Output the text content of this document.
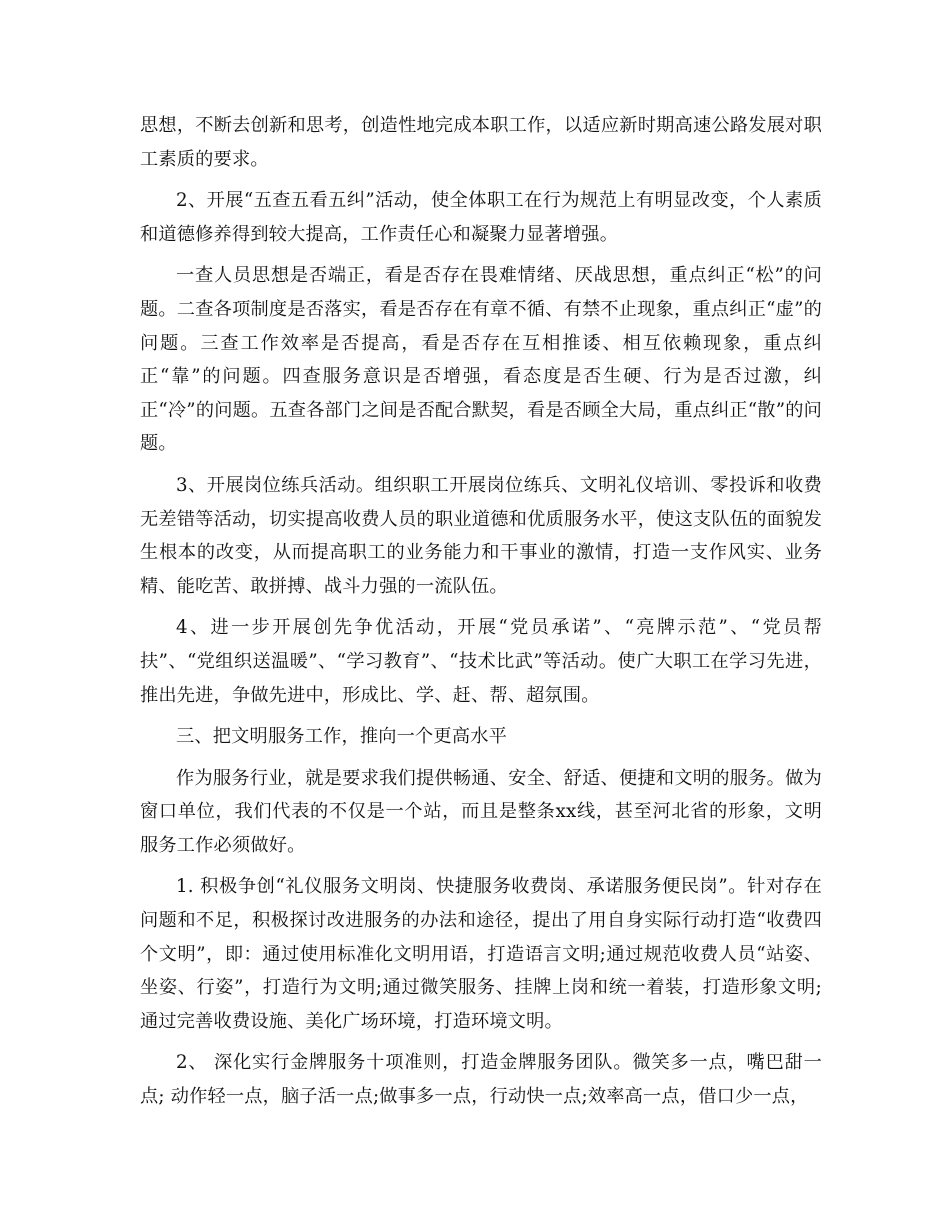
思想，不断去创新和思考，创造性地完成本职工作，以适应新时期高速公路发展对职工素质的要求。

2、开展“五查五看五纠”活动，使全体职工在行为规范上有明显改变，个人素质和道德修养得到较大提高，工作责任心和凝聚力显著增强。

一查人员思想是否端正，看是否存在畏难情绪、厌战思想，重点纠正“松”的问题。二查各项制度是否落实，看是否存在有章不循、有禁不止现象，重点纠正“虚”的问题。三查工作效率是否提高，看是否存在互相推诿、相互依赖现象，重点纠正“靠”的问题。四查服务意识是否增强，看态度是否生硬、行为是否过激，纠正“冷”的问题。五查各部门之间是否配合默契，看是否顾全大局，重点纠正“散”的问题。

3、开展岗位练兵活动。组织职工开展岗位练兵、文明礼仪培训、零投诉和收费无差错等活动，切实提高收费人员的职业道德和优质服务水平，使这支队伍的面貌发生根本的改变，从而提高职工的业务能力和干事业的激情，打造一支作风实、业务精、能吃苦、敢拼搏、战斗力强的一流队伍。

4、进一步开展创先争优活动，开展“党员承诺”、“亮牌示范”、“党员帮扶”、“党组织送温暖”、“学习教育”、“技术比武”等活动。使广大职工在学习先进，推出先进，争做先进中，形成比、学、赶、帮、超氛围。

三、把文明服务工作，推向一个更高水平

作为服务行业，就是要求我们提供畅通、安全、舒适、便捷和文明的服务。做为窗口单位，我们代表的不仅是一个站，而且是整条xx线，甚至河北省的形象，文明服务工作必须做好。

1. 积极争创“礼仪服务文明岗、快捷服务收费岗、承诺服务便民岗”。针对存在问题和不足，积极探讨改进服务的办法和途径，提出了用自身实际行动打造“收费四个文明”，即：通过使用标准化文明用语，打造语言文明;通过规范收费人员“站姿、坐姿、行姿”，打造行为文明;通过微笑服务、挂牌上岗和统一着装，打造形象文明;通过完善收费设施、美化广场环境，打造环境文明。

2、 深化实行金牌服务十项准则，打造金牌服务团队。微笑多一点，嘴巴甜一点; 动作轻一点，脑子活一点;做事多一点，行动快一点;效率高一点，借口少一点，
